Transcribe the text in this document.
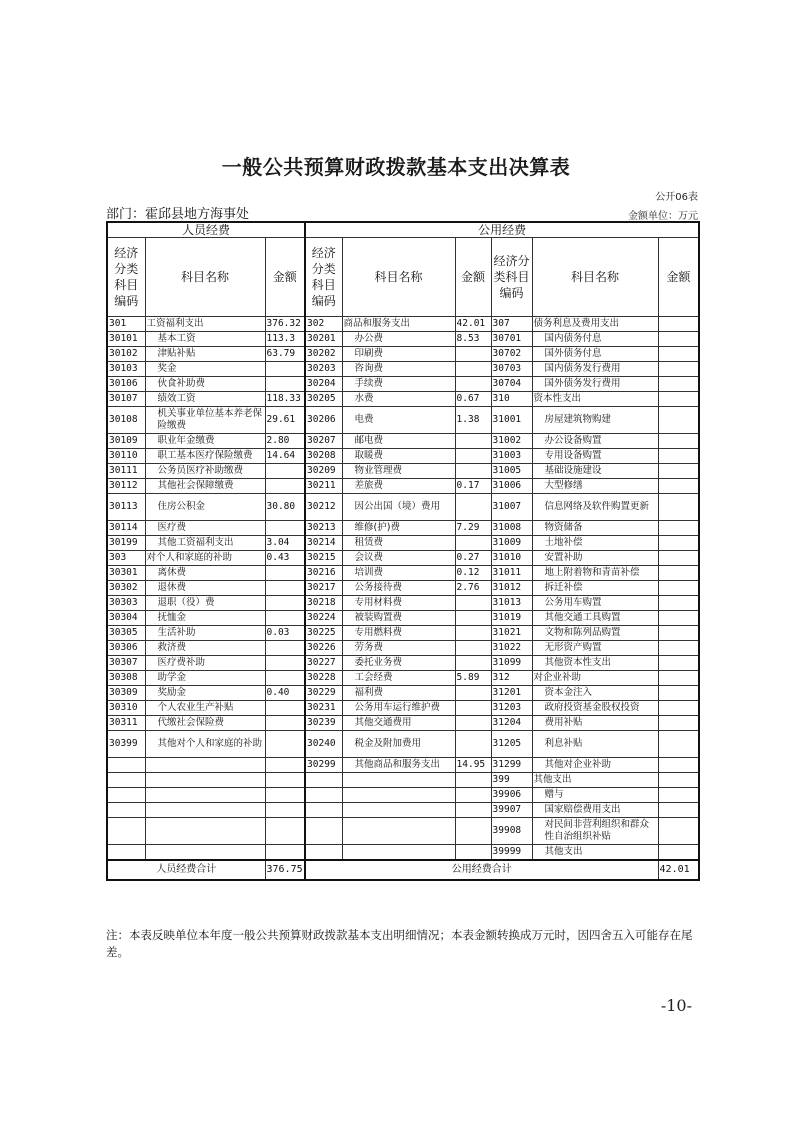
一般公共预算财政拨款基本支出决算表
公开06表
部门：霍邱县地方海事处	金额单位：万元
人员经费			公用经费					
经济分类科目编码	科目名称	金额	经济分类科目编码	科目名称	金额	经济分类科目编码	科目名称	金额
301	工资福利支出	376.32	302	商品和服务支出	42.01	307	债务利息及费用支出	
30101	基本工资	113.3	30201	办公费	8.53	30701	国内债务付息	
30102	津贴补贴	63.79	30202	印刷费		30702	国外债务付息	
30103	奖金		30203	咨询费		30703	国内债务发行费用	
30106	伙食补助费		30204	手续费		30704	国外债务发行费用	
30107	绩效工资	118.33	30205	水费	0.67	310	资本性支出	
30108	机关事业单位基本养老保险缴费	29.61	30206	电费	1.38	31001	房屋建筑物购建	
30109	职业年金缴费	2.80	30207	邮电费		31002	办公设备购置	
30110	职工基本医疗保险缴费	14.64	30208	取暖费		31003	专用设备购置	
30111	公务员医疗补助缴费		30209	物业管理费		31005	基础设施建设	
30112	其他社会保障缴费		30211	差旅费	0.17	31006	大型修缮	
30113	住房公积金	30.80	30212	因公出国（境）费用		31007	信息网络及软件购置更新	
30114	医疗费		30213	维修(护)费	7.29	31008	物资储备	
30199	其他工资福利支出	3.04	30214	租赁费		31009	土地补偿	
303	对个人和家庭的补助	0.43	30215	会议费	0.27	31010	安置补助	
30301	离休费		30216	培训费	0.12	31011	地上附着物和青苗补偿	
30302	退休费		30217	公务接待费	2.76	31012	拆迁补偿	
30303	退职（役）费		30218	专用材料费		31013	公务用车购置	
30304	抚恤金		30224	被装购置费		31019	其他交通工具购置	
30305	生活补助	0.03	30225	专用燃料费		31021	文物和陈列品购置	
30306	救济费		30226	劳务费		31022	无形资产购置	
30307	医疗费补助		30227	委托业务费		31099	其他资本性支出	
30308	助学金		30228	工会经费	5.89	312	对企业补助	
30309	奖励金	0.40	30229	福利费		31201	资本金注入	
30310	个人农业生产补贴		30231	公务用车运行维护费		31203	政府投资基金股权投资	
30311	代缴社会保险费		30239	其他交通费用		31204	费用补贴	
30399	其他对个人和家庭的补助		30240	税金及附加费用		31205	利息补贴	
			30299	其他商品和服务支出	14.95	31299	其他对企业补助	
						399	其他支出	
						39906	赠与	
						39907	国家赔偿费用支出	
						39908	对民间非营利组织和群众性自治组织补贴	
						39999	其他支出	
人员经费合计		376.75	公用经费合计					42.01
注：本表反映单位本年度一般公共预算财政拨款基本支出明细情况；本表金额转换成万元时，因四舍五入可能存在尾差。
-10-
